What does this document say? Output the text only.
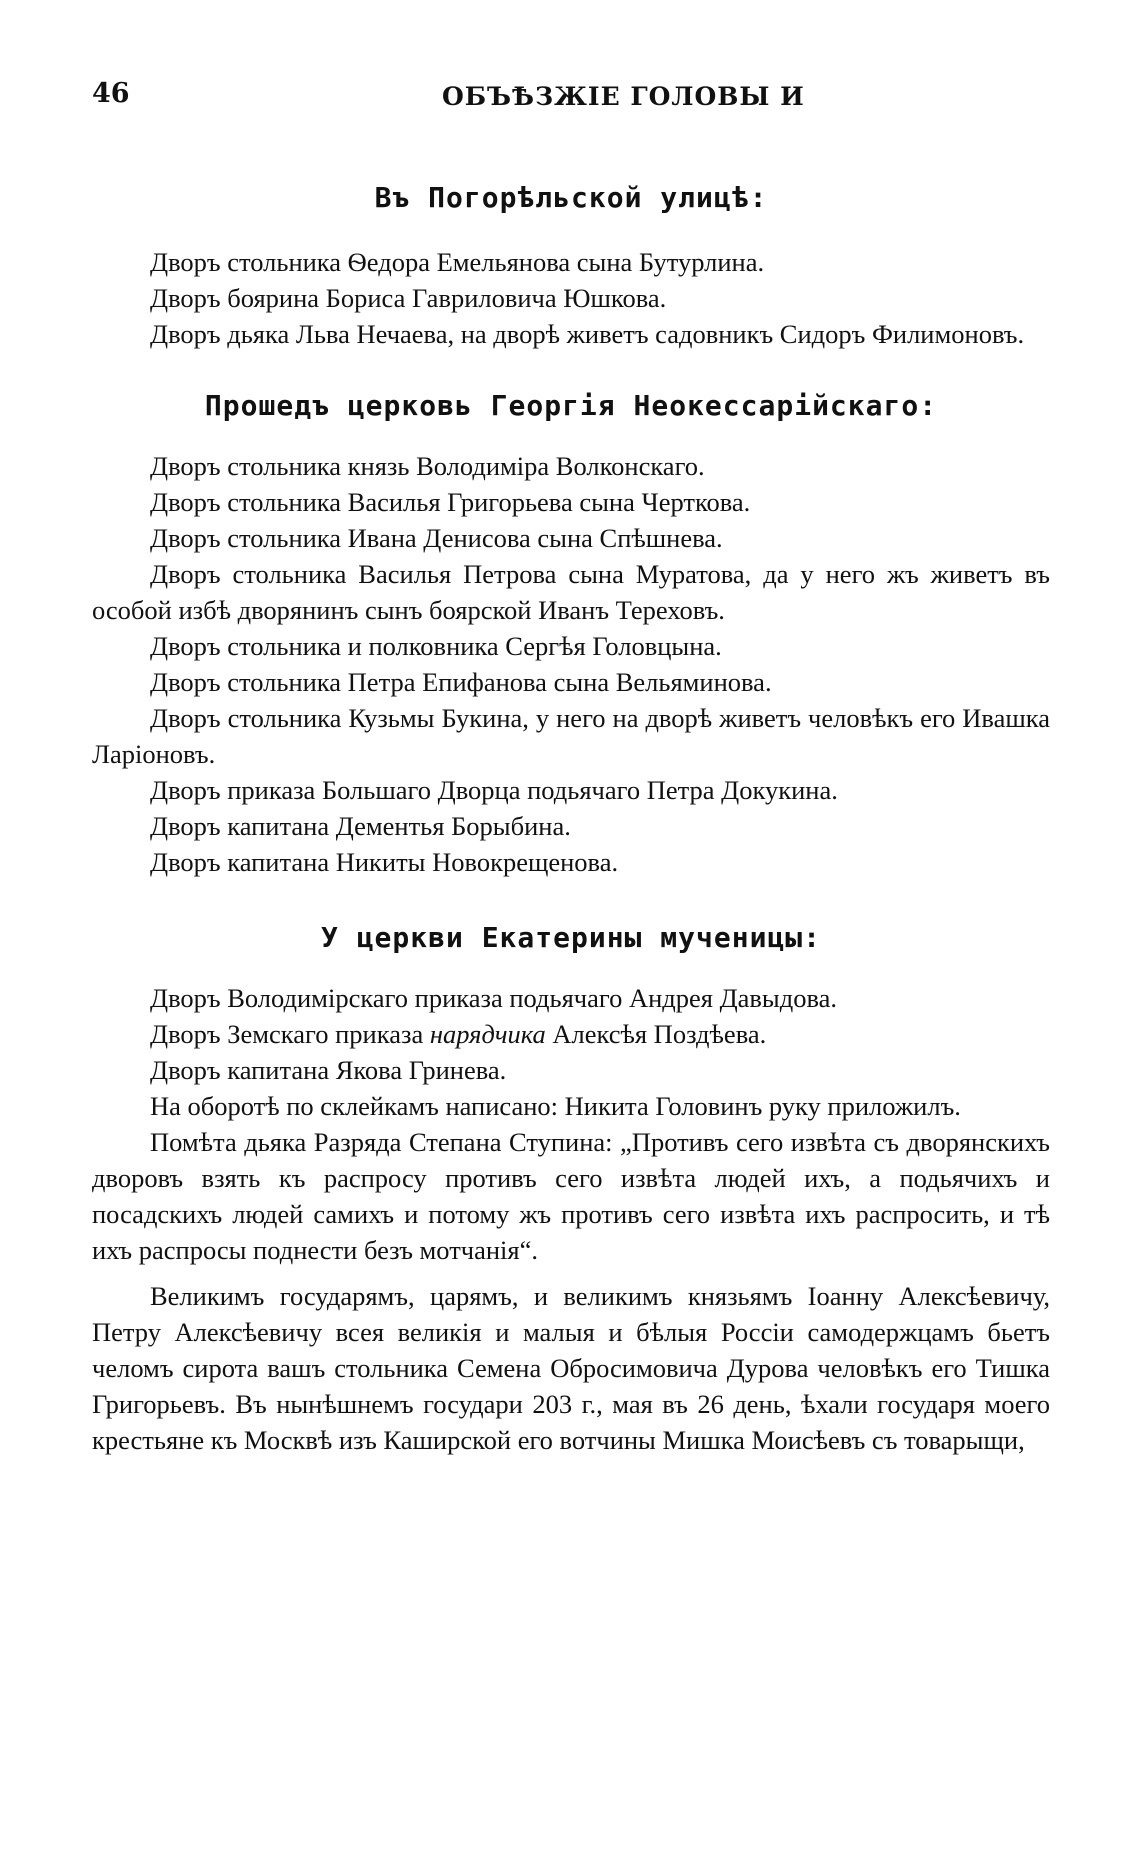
46	ОБЪѢЗЖІЕ ГОЛОВЫ И
Въ Погорѣльской улицѣ:

Дворъ стольника Ѳедора Емельянова сына Бутурлина.

Дворъ боярина Бориса Гавриловича Юшкова.

Дворъ дьяка Льва Нечаева, на дворѣ живетъ садовникъ Сидоръ Филимоновъ.

Прошедъ церковь Георгія Неокессарійскаго:

Дворъ стольника князь Володиміра Волконскаго.

Дворъ стольника Василья Григорьева сына Черткова.

Дворъ стольника Ивана Денисова сына Спѣшнева.

Дворъ стольника Василья Петрова сына Муратова, да у него жъ живетъ въ особой избѣ дворянинъ сынъ боярской Иванъ Тереховъ.

Дворъ стольника и полковника Сергѣя Головцына.

Дворъ стольника Петра Епифанова сына Вельяминова.

Дворъ стольника Кузьмы Букина, у него на дворѣ живетъ человѣкъ его Ивашка Ларіоновъ.

Дворъ приказа Большаго Дворца подьячаго Петра Докукина.

Дворъ капитана Дементья Борыбина.

Дворъ капитана Никиты Новокрещенова.

У церкви Екатерины мученицы:

Дворъ Володимірскаго приказа подьячаго Андрея Давыдова.

Дворъ Земскаго приказа нарядчика Алексѣя Поздѣева.

Дворъ капитана Якова Гринева.

На оборотѣ по склейкамъ написано: Никита Головинъ руку приложилъ.

Помѣта дьяка Разряда Степана Ступина: „Противъ сего извѣта съ дворянскихъ дворовъ взять къ распросу противъ сего извѣта людей ихъ, а подьячихъ и посадскихъ людей самихъ и потому жъ противъ сего извѣта ихъ распросить, и тѣ ихъ распросы поднести безъ мотчанія“.

Великимъ государямъ, царямъ, и великимъ князьямъ Іоанну Алексѣевичу, Петру Алексѣевичу всея великія и малыя и бѣлыя Россіи самодержцамъ бьетъ челомъ сирота вашъ стольника Семена Обросимовича Дурова человѣкъ его Тишка Григорьевъ. Въ нынѣшнемъ государи 203 г., мая въ 26 день, ѣхали государя моего крестьяне къ Москвѣ изъ Каширской его вотчины Мишка Моисѣевъ съ товарыщи,
